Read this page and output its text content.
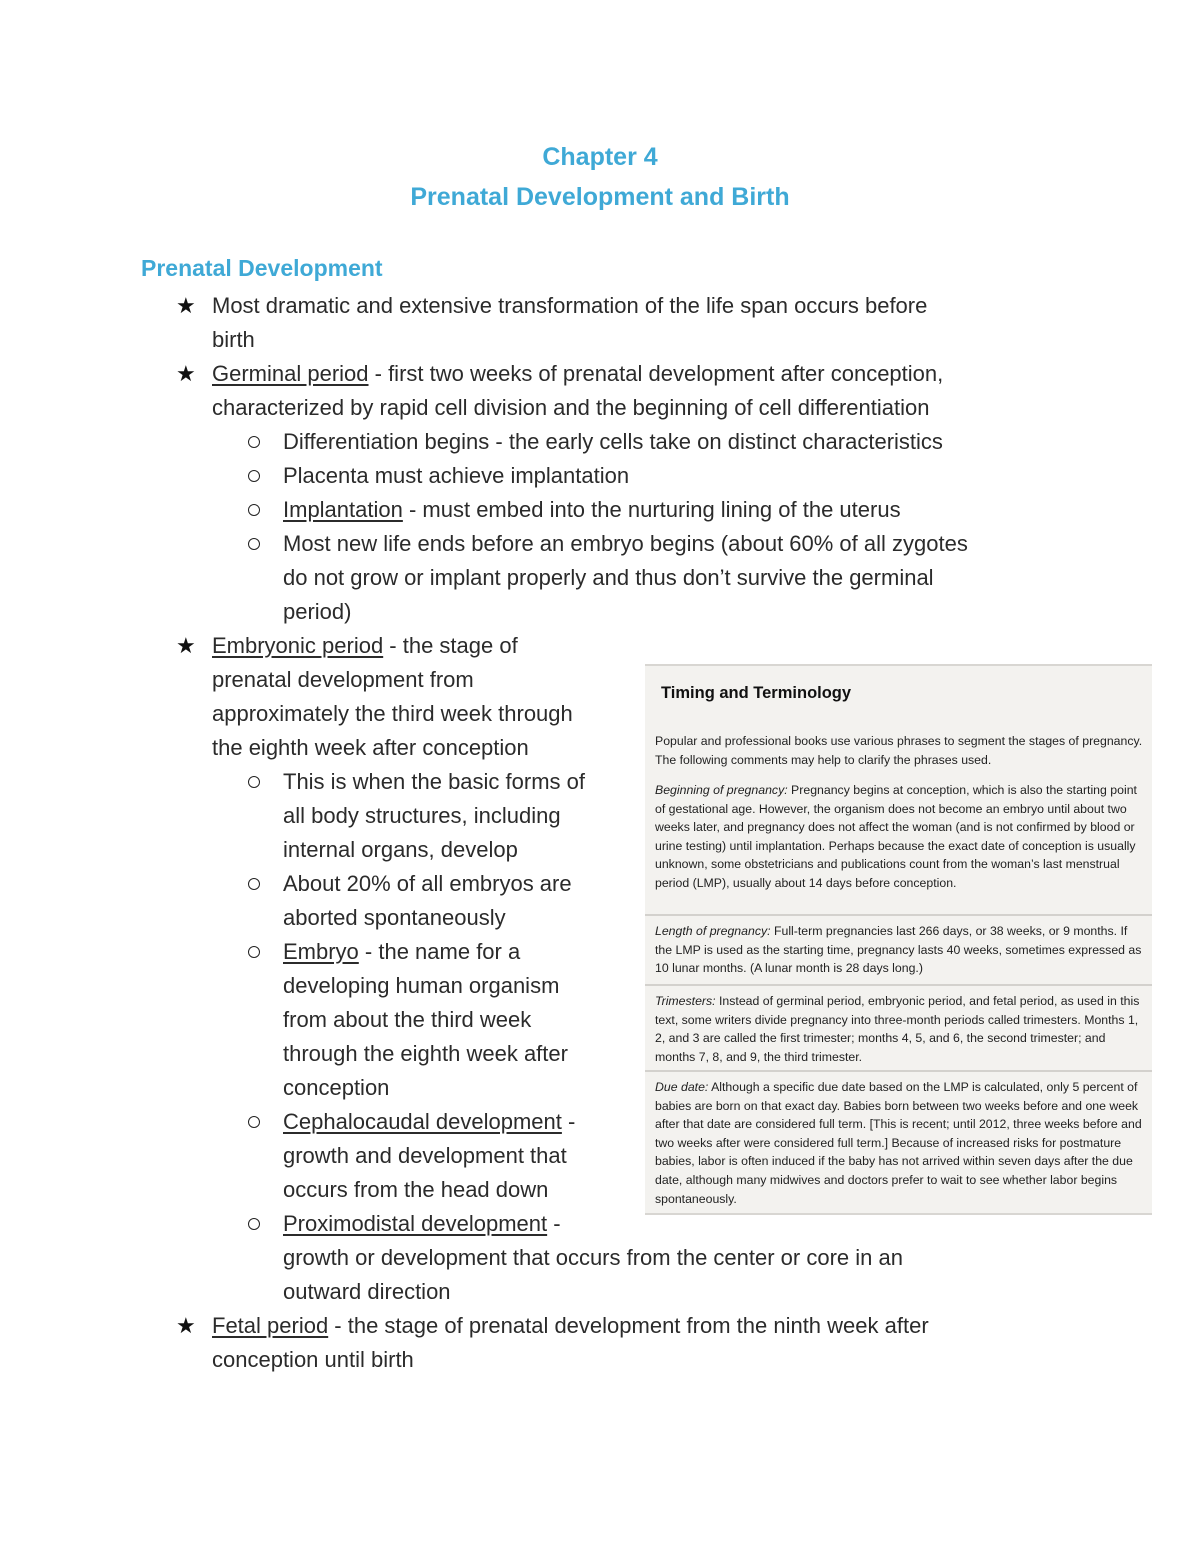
Chapter 4
Prenatal Development and Birth
Prenatal Development
★ Most dramatic and extensive transformation of the life span occurs before
birth
★ Germinal period - first two weeks of prenatal development after conception,
characterized by rapid cell division and the beginning of cell differentiation
Differentiation begins - the early cells take on distinct characteristics
Placenta must achieve implantation
Implantation - must embed into the nurturing lining of the uterus
Most new life ends before an embryo begins (about 60% of all zygotes
do not grow or implant properly and thus don’t survive the germinal
period)
★ Embryonic period - the stage of
prenatal development from
approximately the third week through
the eighth week after conception
This is when the basic forms of
all body structures, including
internal organs, develop
About 20% of all embryos are
aborted spontaneously
Embryo - the name for a
developing human organism
from about the third week
through the eighth week after
conception
Cephalocaudal development -
growth and development that
occurs from the head down
Proximodistal development -
growth or development that occurs from the center or core in an
outward direction
★ Fetal period - the stage of prenatal development from the ninth week after
conception until birth
Timing and Terminology
Popular and professional books use various phrases to segment the stages of pregnancy. The following comments may help to clarify the phrases used.
Beginning of pregnancy: Pregnancy begins at conception, which is also the starting point of gestational age. However, the organism does not become an embryo until about two weeks later, and pregnancy does not affect the woman (and is not confirmed by blood or urine testing) until implantation. Perhaps because the exact date of conception is usually unknown, some obstetricians and publications count from the woman’s last menstrual period (LMP), usually about 14 days before conception.
Length of pregnancy: Full-term pregnancies last 266 days, or 38 weeks, or 9 months. If the LMP is used as the starting time, pregnancy lasts 40 weeks, sometimes expressed as 10 lunar months. (A lunar month is 28 days long.)
Trimesters: Instead of germinal period, embryonic period, and fetal period, as used in this text, some writers divide pregnancy into three-month periods called trimesters. Months 1, 2, and 3 are called the first trimester; months 4, 5, and 6, the second trimester; and months 7, 8, and 9, the third trimester.
Due date: Although a specific due date based on the LMP is calculated, only 5 percent of babies are born on that exact day. Babies born between two weeks before and one week after that date are considered full term. [This is recent; until 2012, three weeks before and two weeks after were considered full term.] Because of increased risks for postmature babies, labor is often induced if the baby has not arrived within seven days after the due date, although many midwives and doctors prefer to wait to see whether labor begins spontaneously.
